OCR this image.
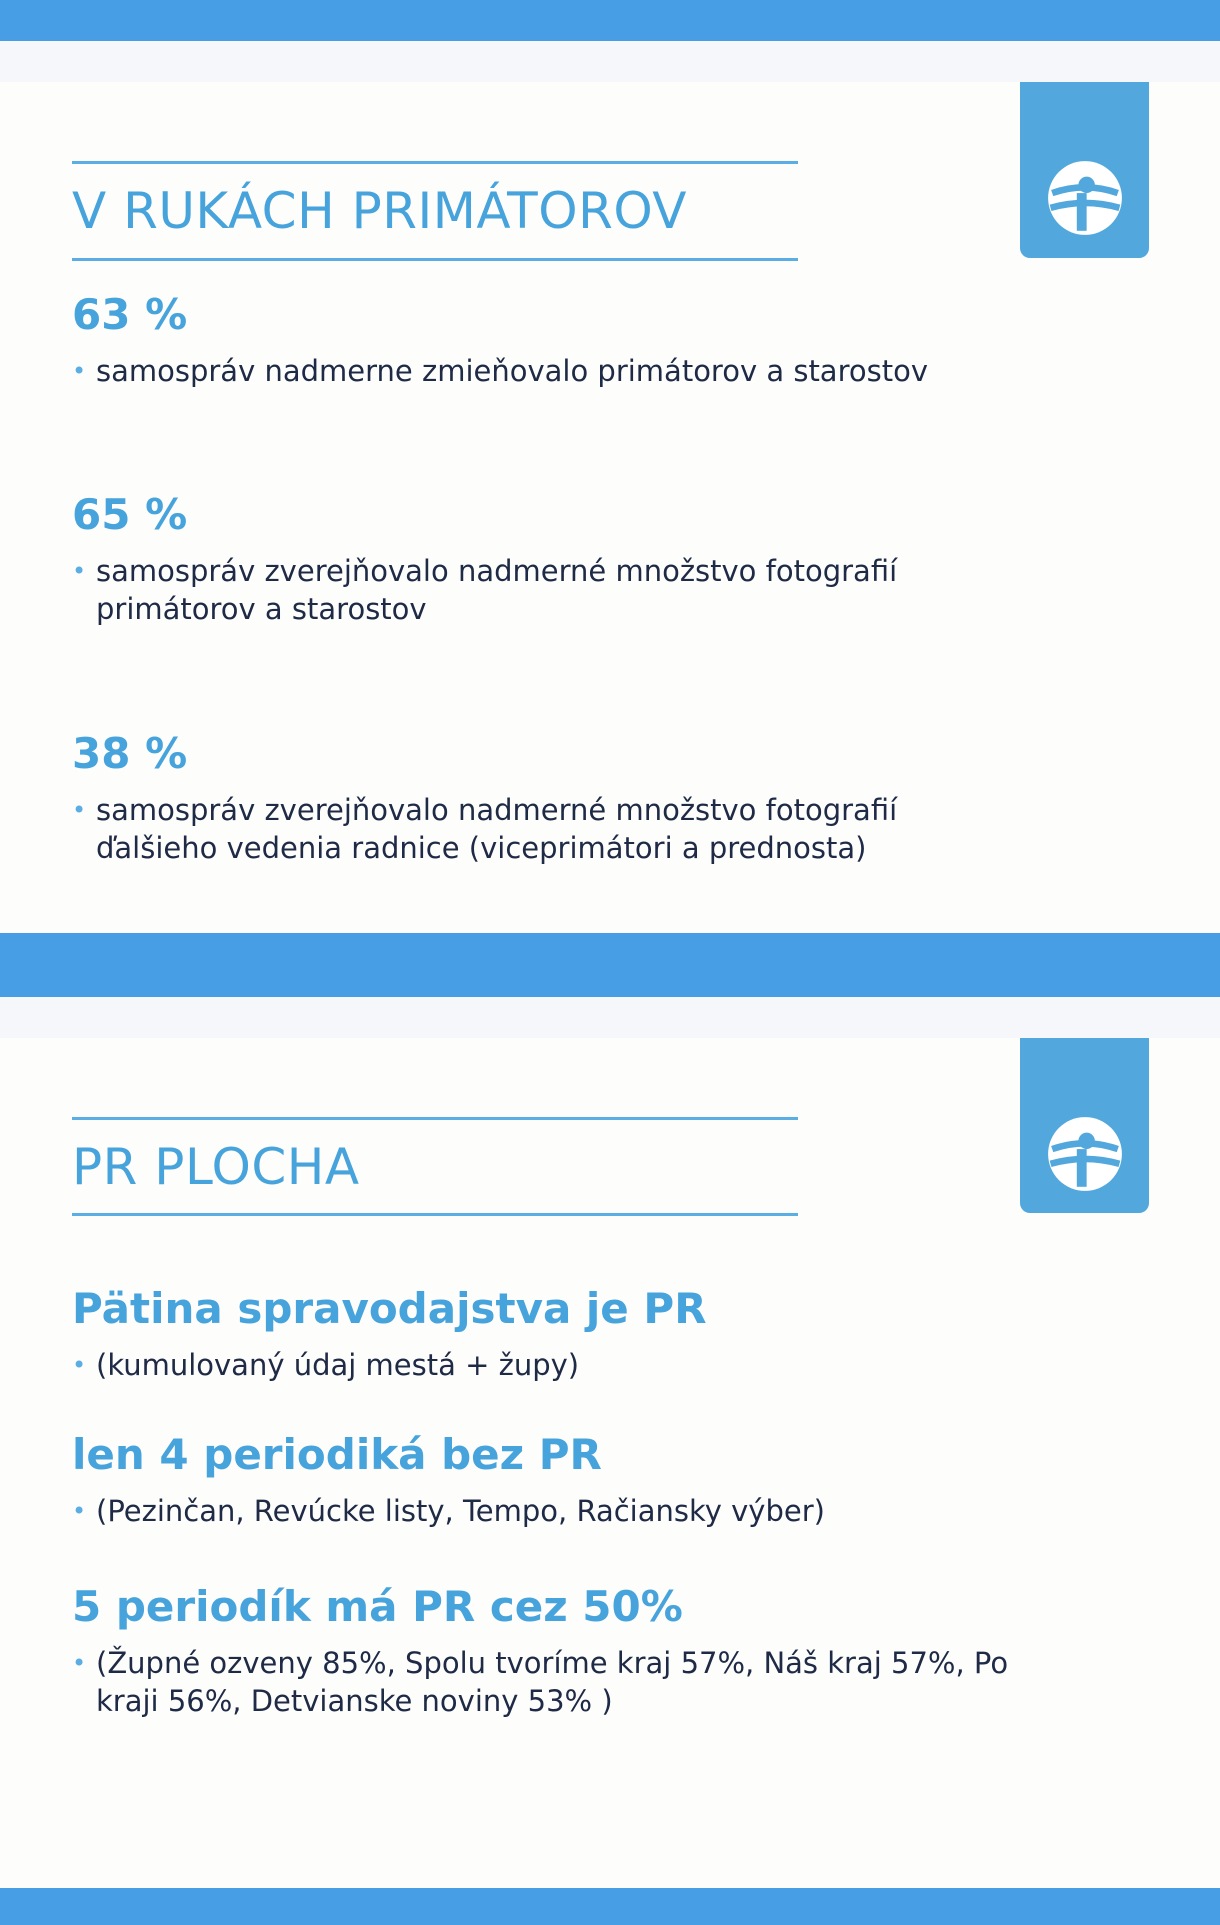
V RUKÁCH PRIMÁTOROV
63 %
• samospráv nadmerne zmieňovalo primátorov a starostov
65 %
• samospráv zverejňovalo nadmerné množstvo fotografií primátorov a starostov
38 %
• samospráv zverejňovalo nadmerné množstvo fotografií ďalšieho vedenia radnice (viceprimátori a prednosta)
PR PLOCHA
Pätina spravodajstva je PR
• (kumulovaný údaj mestá + župy)
len 4 periodiká bez PR
• (Pezinčan, Revúcke listy, Tempo, Račiansky výber)
5 periodík má PR cez 50%
• (Župné ozveny 85%, Spolu tvoríme kraj 57%, Náš kraj 57%, Po kraji 56%, Detvianske noviny 53% )
